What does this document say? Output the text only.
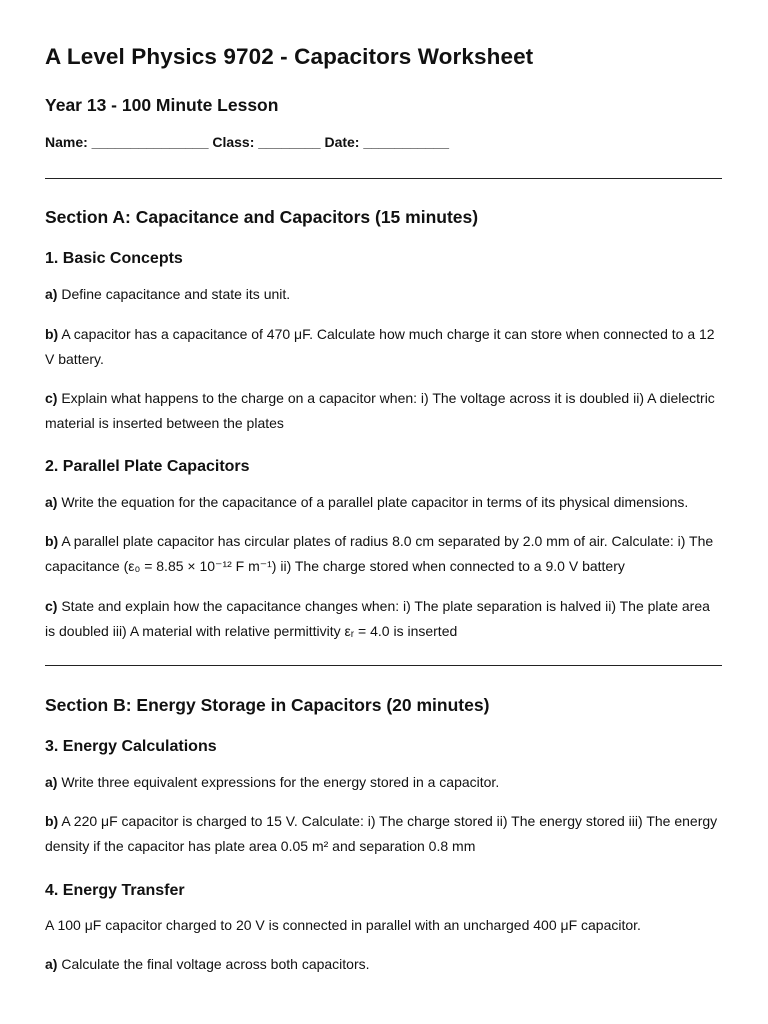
A Level Physics 9702 - Capacitors Worksheet
Year 13 - 100 Minute Lesson
Name: _______________ Class: ________ Date: ___________
Section A: Capacitance and Capacitors (15 minutes)
1. Basic Concepts

a) Define capacitance and state its unit.

b) A capacitor has a capacitance of 470 μF. Calculate how much charge it can store when connected to a 12 V battery.

c) Explain what happens to the charge on a capacitor when: i) The voltage across it is doubled ii) A dielectric material is inserted between the plates

2. Parallel Plate Capacitors

a) Write the equation for the capacitance of a parallel plate capacitor in terms of its physical dimensions.

b) A parallel plate capacitor has circular plates of radius 8.0 cm separated by 2.0 mm of air. Calculate: i) The capacitance (ε₀ = 8.85 × 10⁻¹² F m⁻¹) ii) The charge stored when connected to a 9.0 V battery

c) State and explain how the capacitance changes when: i) The plate separation is halved ii) The plate area is doubled iii) A material with relative permittivity εᵣ = 4.0 is inserted

Section B: Energy Storage in Capacitors (20 minutes)
3. Energy Calculations

a) Write three equivalent expressions for the energy stored in a capacitor.

b) A 220 μF capacitor is charged to 15 V. Calculate: i) The charge stored ii) The energy stored iii) The energy density if the capacitor has plate area 0.05 m² and separation 0.8 mm

4. Energy Transfer

A 100 μF capacitor charged to 20 V is connected in parallel with an uncharged 400 μF capacitor.

a) Calculate the final voltage across both capacitors.
